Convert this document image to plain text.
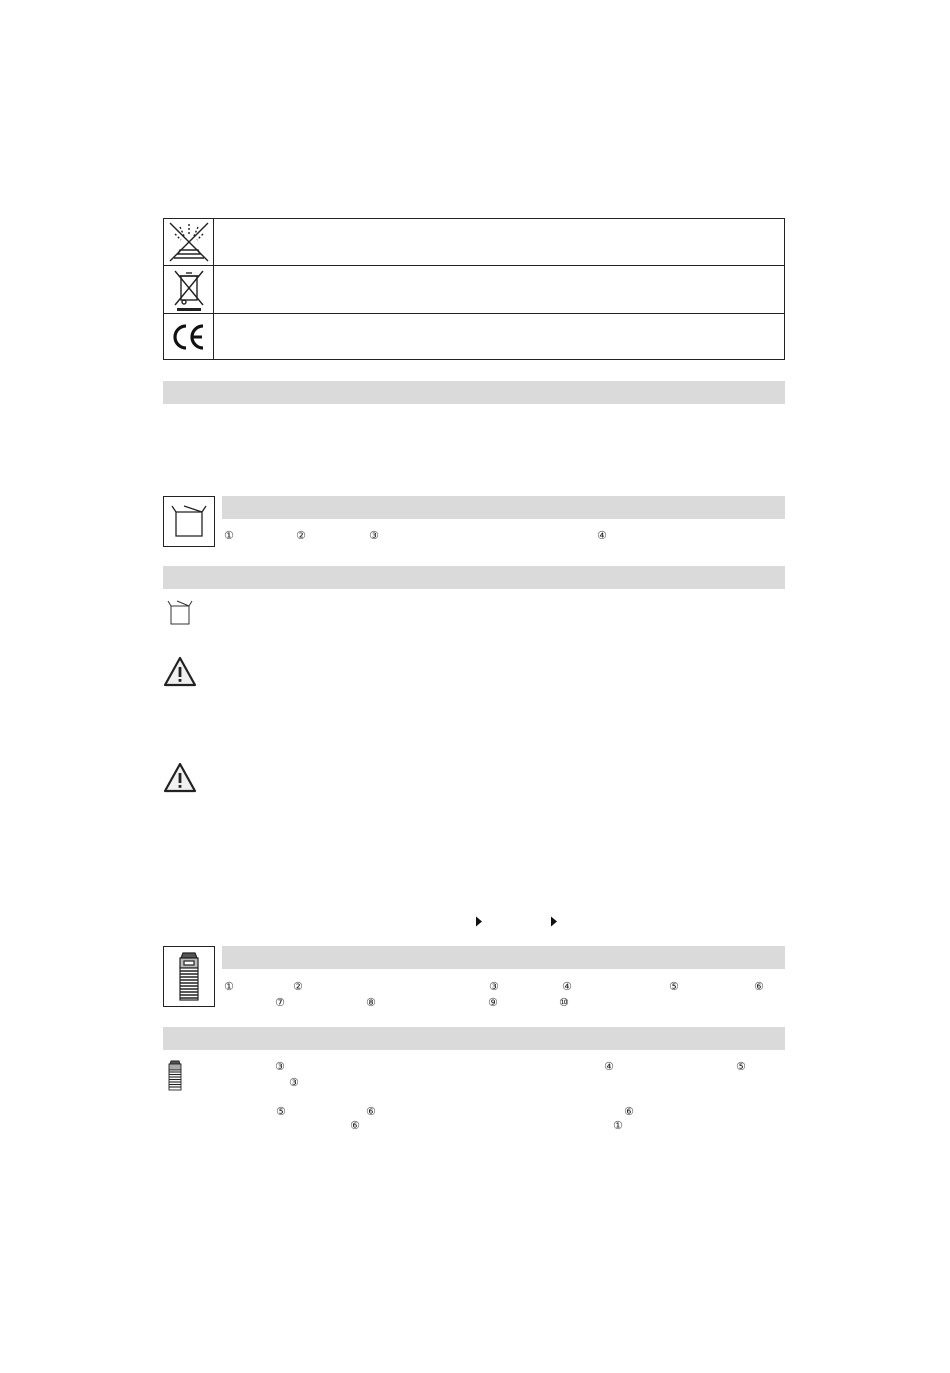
①	②	③	④
①	②	③	④	⑤	⑥
⑦	⑧	⑨	⑩
③	④	⑤
③
⑤	⑥	⑥
⑥	①
